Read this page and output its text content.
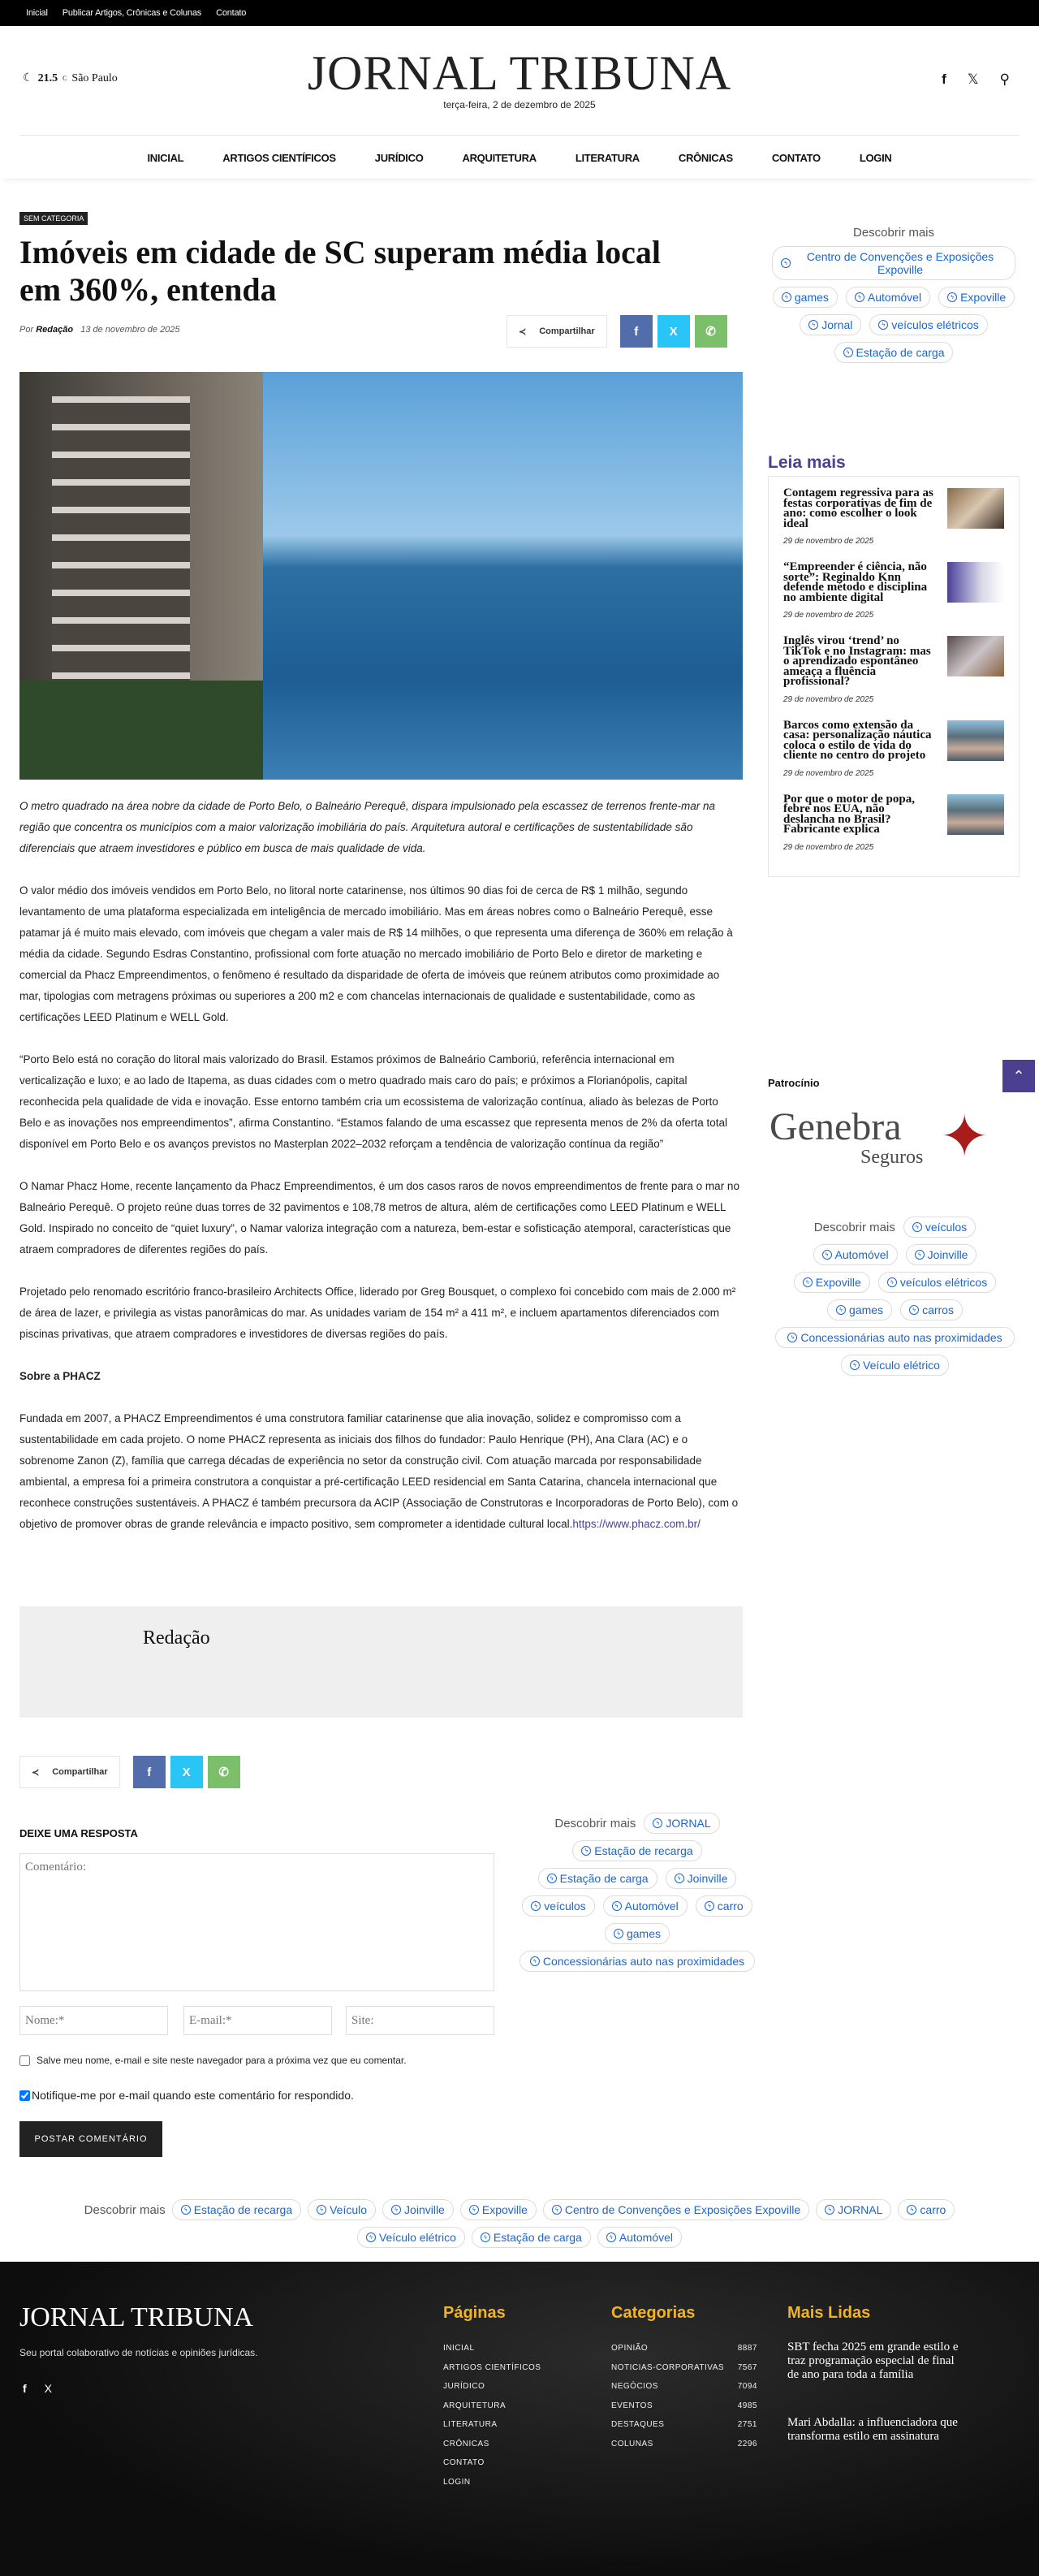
Inicial Publicar Artigos, Crônicas e Colunas Contato
☾ 21.5 C São Paulo	JORNAL TRIBUNA
terça-feira, 2 de dezembro de 2025
f 𝕏 ⚲
INICIAL	ARTIGOS CIENTÍFICOS	JURÍDICO	ARQUITETURA	LITERATURA	CRÔNICAS	CONTATO	LOGIN
SEM CATEGORIA
Imóveis em cidade de SC superam média local em 360%, entenda
Por Redação 13 de novembro de 2025	≺ Compartilhar	f	X ✆

O metro quadrado na área nobre da cidade de Porto Belo, o Balneário Perequê, dispara impulsionado pela escassez de terrenos frente-mar na região que concentra os municípios com a maior valorização imobiliária do país. Arquitetura autoral e certificações de sustentabilidade são diferenciais que atraem investidores e público em busca de mais qualidade de vida.

O valor médio dos imóveis vendidos em Porto Belo, no litoral norte catarinense, nos últimos 90 dias foi de cerca de R$ 1 milhão, segundo levantamento de uma plataforma especializada em inteligência de mercado imobiliário. Mas em áreas nobres como o Balneário Perequê, esse patamar já é muito mais elevado, com imóveis que chegam a valer mais de R$ 14 milhões, o que representa uma diferença de 360% em relação à média da cidade. Segundo Esdras Constantino, profissional com forte atuação no mercado imobiliário de Porto Belo e diretor de marketing e comercial da Phacz Empreendimentos, o fenômeno é resultado da disparidade de oferta de imóveis que reúnem atributos como proximidade ao mar, tipologias com metragens próximas ou superiores a 200 m2 e com chancelas internacionais de qualidade e sustentabilidade, como as certificações LEED Platinum e WELL Gold.

“Porto Belo está no coração do litoral mais valorizado do Brasil. Estamos próximos de Balneário Camboriú, referência internacional em verticalização e luxo; e ao lado de Itapema, as duas cidades com o metro quadrado mais caro do país; e próximos a Florianópolis, capital reconhecida pela qualidade de vida e inovação. Esse entorno também cria um ecossistema de valorização contínua, aliado às belezas de Porto Belo e as inovações nos empreendimentos”, afirma Constantino. “Estamos falando de uma escassez que representa menos de 2% da oferta total disponível em Porto Belo e os avanços previstos no Masterplan 2022–2032 reforçam a tendência de valorização contínua da região”

O Namar Phacz Home, recente lançamento da Phacz Empreendimentos, é um dos casos raros de novos empreendimentos de frente para o mar no Balneário Perequê. O projeto reúne duas torres de 32 pavimentos e 108,78 metros de altura, além de certificações como LEED Platinum e WELL Gold. Inspirado no conceito de “quiet luxury”, o Namar valoriza integração com a natureza, bem-estar e sofisticação atemporal, características que atraem compradores de diferentes regiões do país.

Projetado pelo renomado escritório franco-brasileiro Architects Office, liderado por Greg Bousquet, o complexo foi concebido com mais de 2.000 m² de área de lazer, e privilegia as vistas panorâmicas do mar. As unidades variam de 154 m² a 411 m², e incluem apartamentos diferenciados com piscinas privativas, que atraem compradores e investidores de diversas regiões do país.

Sobre a PHACZ

Fundada em 2007, a PHACZ Empreendimentos é uma construtora familiar catarinense que alia inovação, solidez e compromisso com a sustentabilidade em cada projeto. O nome PHACZ representa as iniciais dos filhos do fundador: Paulo Henrique (PH), Ana Clara (AC) e o sobrenome Zanon (Z), família que carrega décadas de experiência no setor da construção civil. Com atuação marcada por responsabilidade ambiental, a empresa foi a primeira construtora a conquistar a pré-certificação LEED residencial em Santa Catarina, chancela internacional que reconhece construções sustentáveis. A PHACZ é também precursora da ACIP (Associação de Construtoras e Incorporadoras de Porto Belo), com o objetivo de promover obras de grande relevância e impacto positivo, sem comprometer a identidade cultural local.https://www.phacz.com.br/

Redação
≺ Compartilhar	f	X ✆
DEIXE UMA RESPOSTA
Comentário:
Nome:*
E-mail:*
Site:
Salve meu nome, e-mail e site neste navegador para a próxima vez que eu comentar.
Notifique-me por e-mail quando este comentário for respondido.
POSTAR COMENTÁRIO
Descobrir mais	ϟ JORNAL
ϟ Estação de recarga
ϟ Estação de carga	ϟ Joinville
ϟ veículos	ϟ Automóvel	ϟ carro
ϟ games
ϟ Concessionárias auto nas proximidades
Descobrir mais
ϟ	Centro de Convenções e Exposições Expoville
ϟ games	ϟ Automóvel	ϟ Expoville
ϟ Jornal	ϟ veículos elétricos
ϟ Estação de carga
Leia mais
Contagem regressiva para as festas corporativas de fim de ano: como escolher o look ideal
29 de novembro de 2025
“Empreender é ciência, não sorte”: Reginaldo Knn defende método e disciplina no ambiente digital
29 de novembro de 2025
Inglês virou ‘trend’ no TikTok e no Instagram: mas o aprendizado espontâneo ameaça a fluência profissional?
29 de novembro de 2025
Barcos como extensão da casa: personalização náutica coloca o estilo de vida do cliente no centro do projeto
29 de novembro de 2025
Por que o motor de popa, febre nos EUA, não deslancha no Brasil? Fabricante explica
29 de novembro de 2025
⌃
Patrocínio
Genebra
Seguros ✦
Descobrir mais	ϟ veículos
ϟ Automóvel	ϟ Joinville
ϟ Expoville	ϟ veículos elétricos
ϟ games	ϟ carros
ϟ Concessionárias auto nas proximidades
ϟ Veículo elétrico
Descobrir mais	ϟ Estação de recarga	ϟ Veículo	ϟ Joinville	ϟ Expoville	ϟ Centro de Convenções e Exposições Expoville	ϟ JORNAL	ϟ carro
ϟ Veículo elétrico	ϟ Estação de carga	ϟ Automóvel
JORNAL TRIBUNA
Seu portal colaborativo de notícias e opiniões jurídicas.
f X
Páginas
INICIAL
ARTIGOS CIENTÍFICOS
JURÍDICO
ARQUITETURA
LITERATURA
CRÔNICAS
CONTATO
LOGIN
Categorias
OPINIÃO	8887
NOTICIAS-CORPORATIVAS 7567
NEGÓCIOS	7094
EVENTOS	4985
DESTAQUES	2751
COLUNAS	2296
Mais Lidas
SBT fecha 2025 em grande estilo e traz programação especial de final de ano para toda a família
Mari Abdalla: a influenciadora que transforma estilo em assinatura
